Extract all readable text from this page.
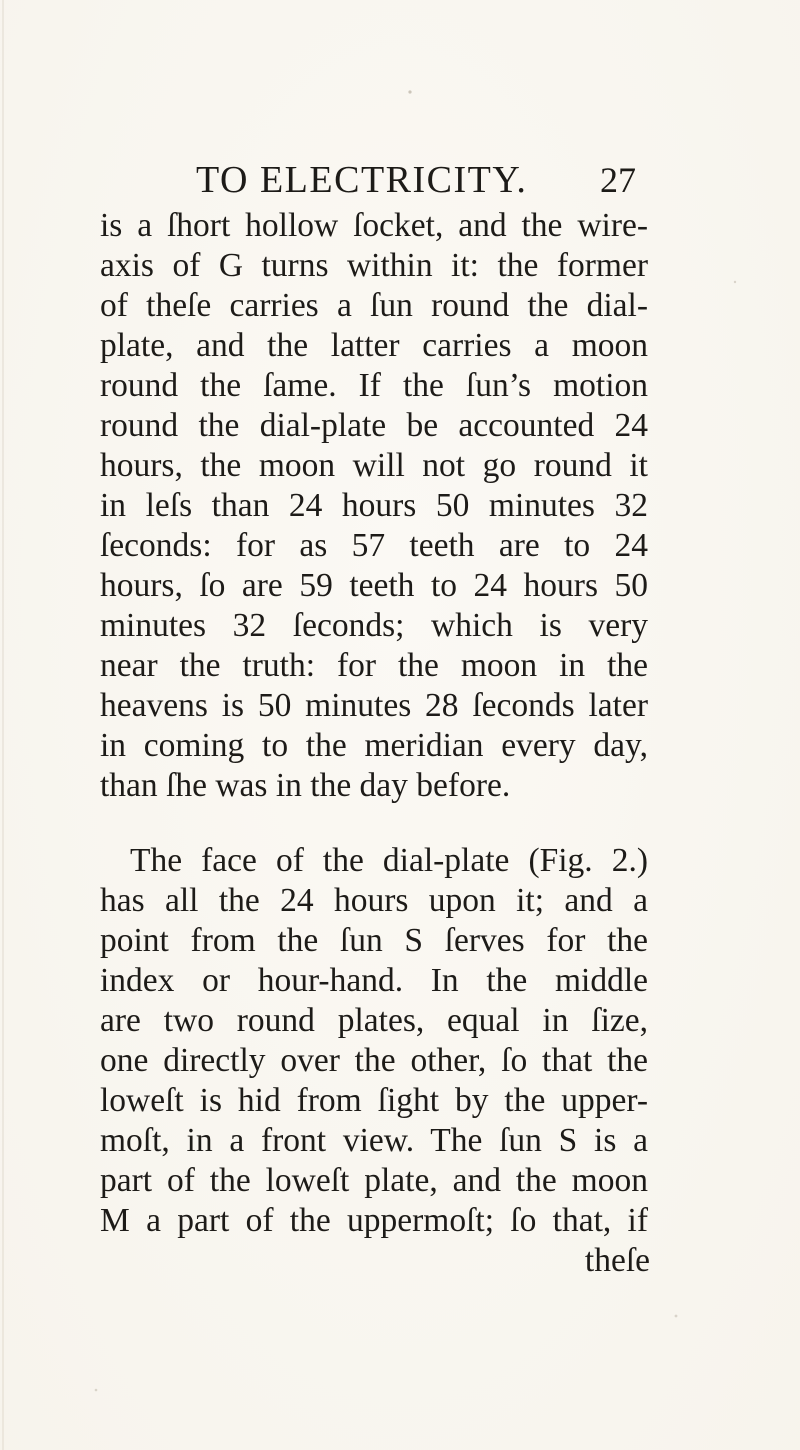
TO ELECTRICITY. 27
is a ſhort hollow ſocket, and the wire-
axis of G turns within it: the former
of theſe carries a ſun round the dial-
plate, and the latter carries a moon
round the ſame. If the ſun’s motion
round the dial-plate be accounted 24
hours, the moon will not go round it
in leſs than 24 hours 50 minutes 32
ſeconds: for as 57 teeth are to 24
hours, ſo are 59 teeth to 24 hours 50
minutes 32 ſeconds; which is very
near the truth: for the moon in the
heavens is 50 minutes 28 ſeconds later
in coming to the meridian every day,
than ſhe was in the day before.
The face of the dial-plate (Fig. 2.)
has all the 24 hours upon it; and a
point from the ſun S ſerves for the
index or hour-hand. In the middle
are two round plates, equal in ſize,
one directly over the other, ſo that the
loweſt is hid from ſight by the upper-
moſt, in a front view. The ſun S is a
part of the loweſt plate, and the moon
M a part of the uppermoſt; ſo that, if
theſe
